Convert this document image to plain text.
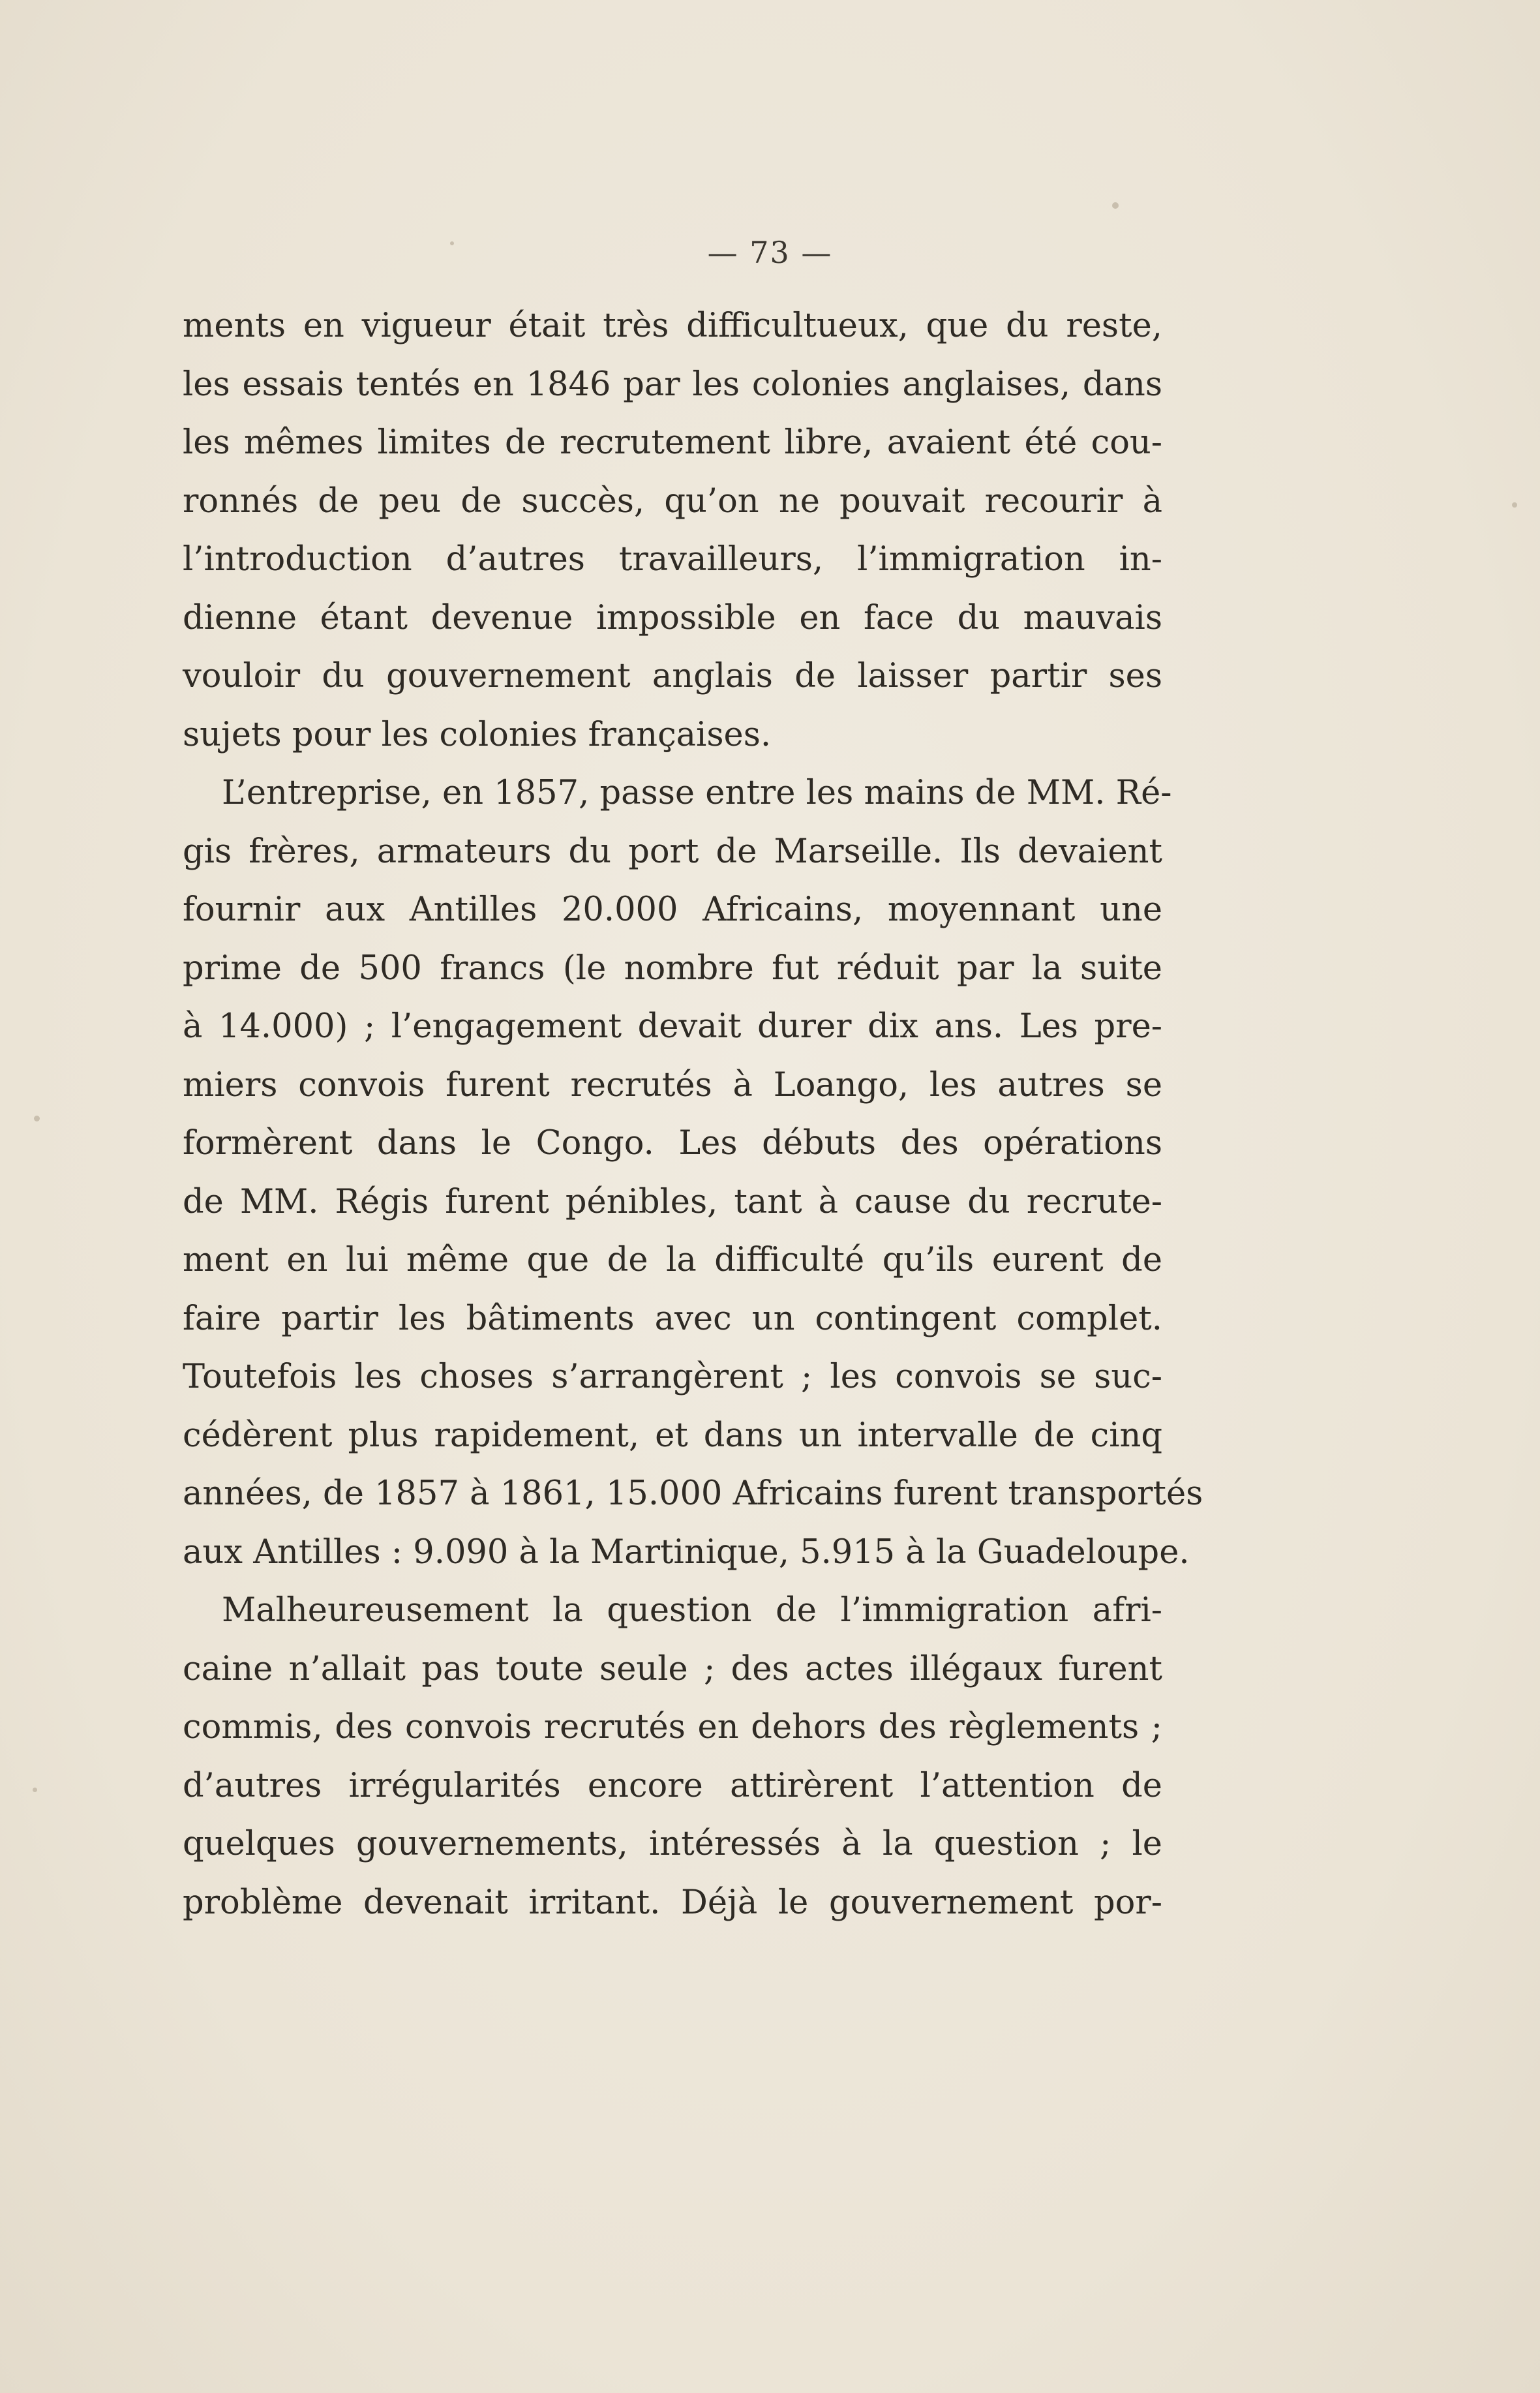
— 73 —
ments en vigueur était très difficultueux, que du reste,
les essais tentés en 1846 par les colonies anglaises, dans
les mêmes limites de recrutement libre, avaient été cou-
ronnés de peu de succès, qu’on ne pouvait recourir à
l’introduction d’autres travailleurs, l’immigration in-
dienne étant devenue impossible en face du mauvais
vouloir du gouvernement anglais de laisser partir ses
sujets pour les colonies françaises.
L’entreprise, en 1857, passe entre les mains de MM. Ré-
gis frères, armateurs du port de Marseille. Ils devaient
fournir aux Antilles 20.000 Africains, moyennant une
prime de 500 francs (le nombre fut réduit par la suite
à 14.000) ; l’engagement devait durer dix ans. Les pre-
miers convois furent recrutés à Loango, les autres se
formèrent dans le Congo. Les débuts des opérations
de MM. Régis furent pénibles, tant à cause du recrute-
ment en lui même que de la difficulté qu’ils eurent de
faire partir les bâtiments avec un contingent complet.
Toutefois les choses s’arrangèrent ; les convois se suc-
cédèrent plus rapidement, et dans un intervalle de cinq
années, de 1857 à 1861, 15.000 Africains furent transportés
aux Antilles : 9.090 à la Martinique, 5.915 à la Guadeloupe.
Malheureusement la question de l’immigration afri-
caine n’allait pas toute seule ; des actes illégaux furent
commis, des convois recrutés en dehors des règlements ;
d’autres irrégularités encore attirèrent l’attention de
quelques gouvernements, intéressés à la question ; le
problème devenait irritant. Déjà le gouvernement por-
